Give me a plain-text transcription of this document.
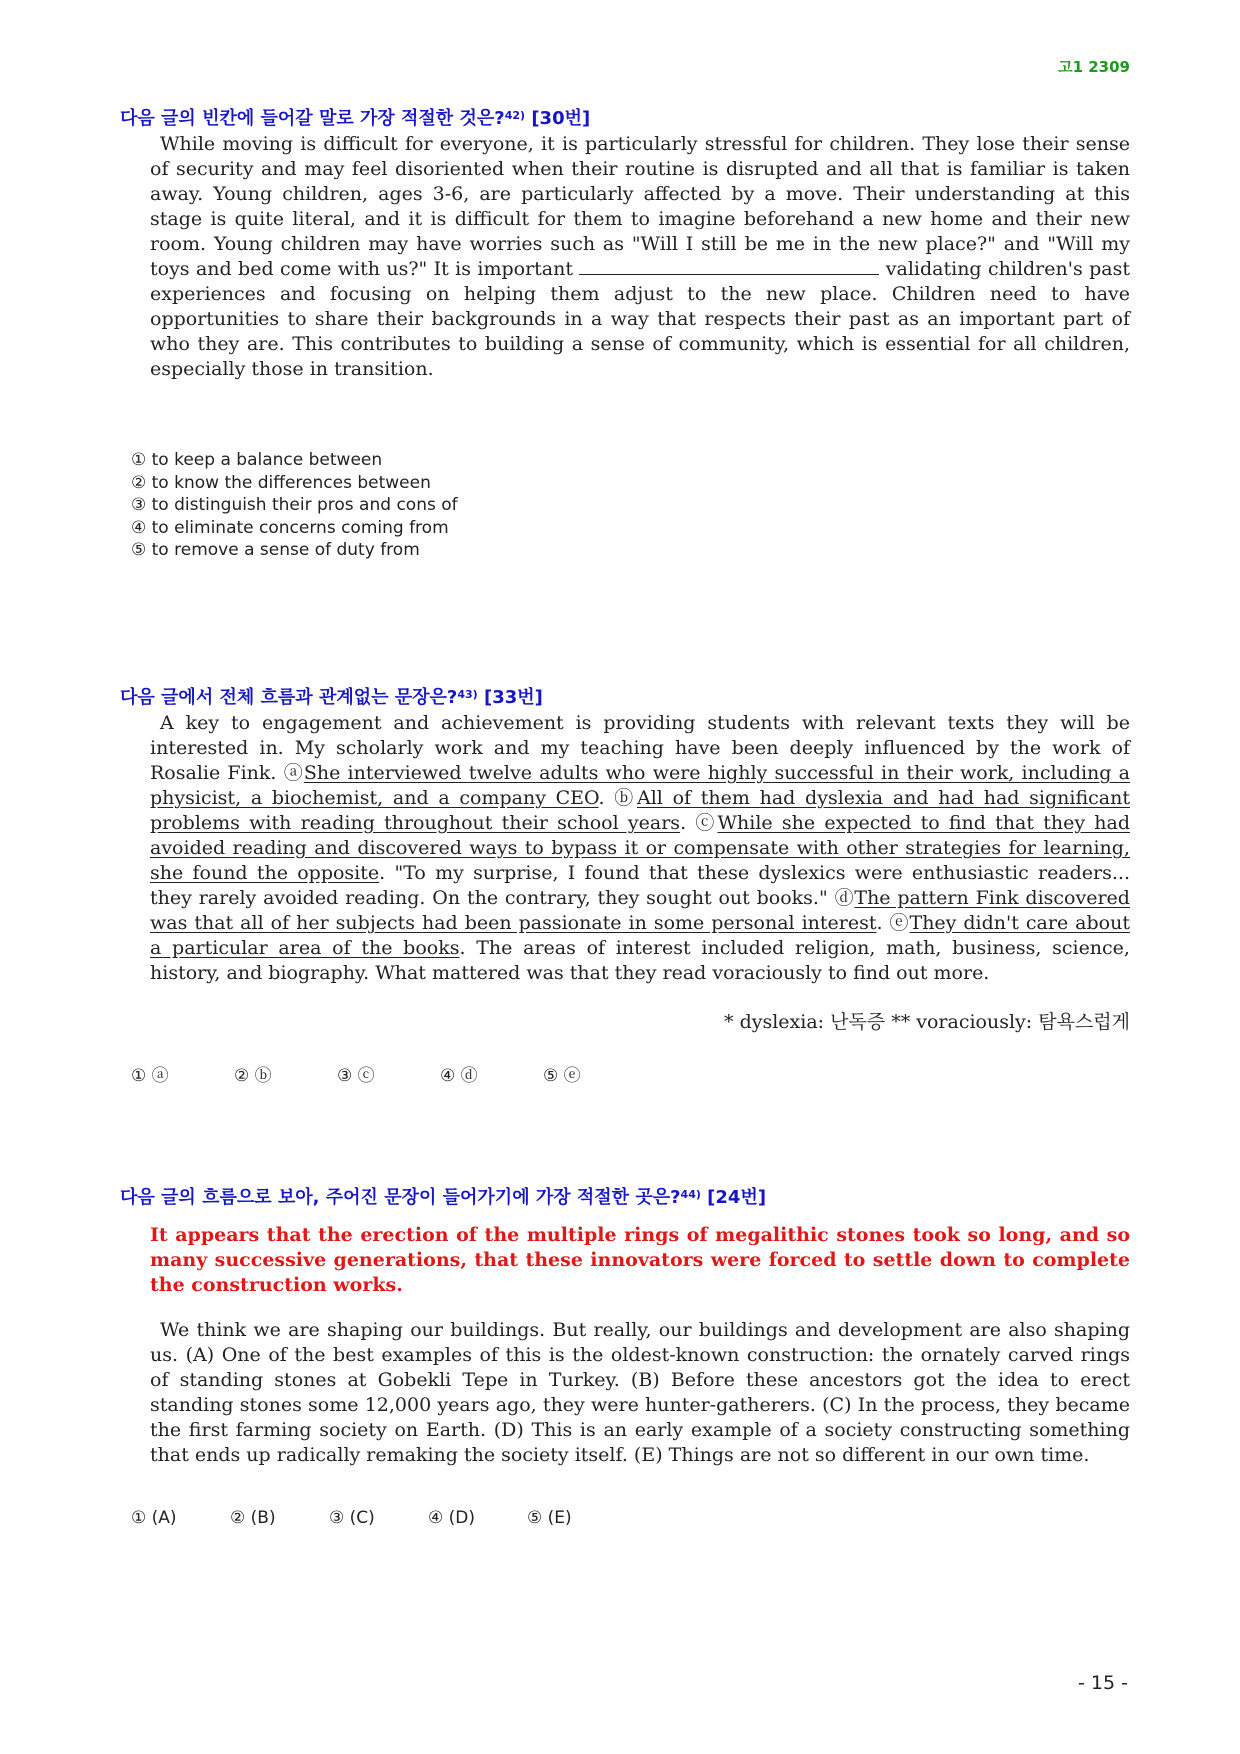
고1 2309
다음 글의 빈칸에 들어갈 말로 가장 적절한 것은?$^{42)}$ [30번]

While moving is difficult for everyone, it is particularly stressful for children. They lose their sense of security and may feel disoriented when their routine is disrupted and all that is familiar is taken away. Young children, ages 3-6, are particularly affected by a move. Their understanding at this stage is quite literal, and it is difficult for them to imagine beforehand a new home and their new room. Young children may have worries such as "Will I still be me in the new place?" and "Will my toys and bed come with us?" It is important	validating children's past experiences and focusing on helping them adjust to the new place. Children need to have opportunities to share their backgrounds in a way that respects their past as an important part of who they are. This contributes to building a sense of community, which is essential for all children, especially those in transition.

① to keep a balance between
② to know the differences between
③ to distinguish their pros and cons of
④ to eliminate concerns coming from
⑤ to remove a sense of duty from
다음 글에서 전체 흐름과 관계없는 문장은?$^{43)}$ [33번]

A key to engagement and achievement is providing students with relevant texts they will be interested in. My scholarly work and my teaching have been deeply influenced by the work of Rosalie Fink. ⓐShe interviewed twelve adults who were highly successful in their work, including a physicist, a biochemist, and a company CEO. ⓑAll of them had dyslexia and had had significant problems with reading throughout their school years. ⓒWhile she expected to find that they had avoided reading and discovered ways to bypass it or compensate with other strategies for learning, she found the opposite. "To my surprise, I found that these dyslexics were enthusiastic readers... they rarely avoided reading. On the contrary, they sought out books." ⓓThe pattern Fink discovered was that all of her subjects had been passionate in some personal interest. ⓔThey didn't care about a particular area of the books. The areas of interest included religion, math, business, science, history, and biography. What mattered was that they read voraciously to find out more.

* dyslexia: 난독증 ** voraciously: 탐욕스럽게
① ⓐ	② ⓑ	③ ⓒ	④ ⓓ	⑤ ⓔ
다음 글의 흐름으로 보아, 주어진 문장이 들어가기에 가장 적절한 곳은?$^{44)}$ [24번]
It appears that the erection of the multiple rings of megalithic stones took so long, and so many successive generations, that these innovators were forced to settle down to complete the construction works.

We think we are shaping our buildings. But really, our buildings and development are also shaping us. (A) One of the best examples of this is the oldest-known construction: the ornately carved rings of standing stones at Gobekli Tepe in Turkey. (B) Before these ancestors got the idea to erect standing stones some 12,000 years ago, they were hunter-gatherers. (C) In the process, they became the first farming society on Earth. (D) This is an early example of a society constructing something that ends up radically remaking the society itself. (E) Things are not so different in our own time.

① (A)	② (B)	③ (C)	④ (D)	⑤ (E)
- 15 -
